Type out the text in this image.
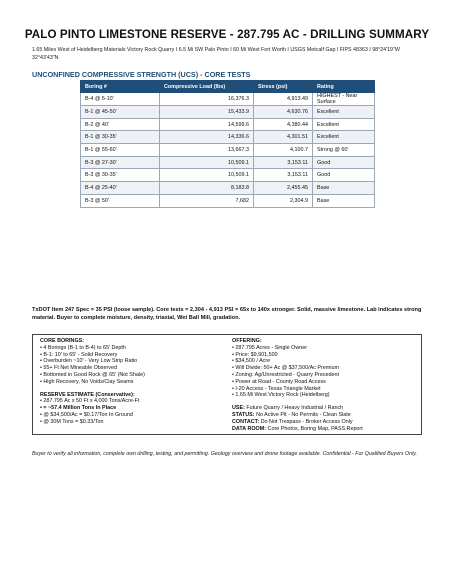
PALO PINTO LIMESTONE RESERVE - 287.795 AC - DRILLING SUMMARY
1.65 Miles West of Heidelberg Materials Victory Rock Quarry I 6.5 Mi SW Palo Pinto I 60 Mi West Fort Worth I USGS Metcalf Gap I FIPS 48363 I 98°24'19"W 32°43'43"N
UNCONFINED COMPRESSIVE STRENGTH (UCS) - CORE TESTS
Boring #	Compressive Load (lbs)	Stress (psi)	Rating
B-4 @ 5-10'	16,376.3	4,913.49	HIGHEST - Near Surface
B-1 @ 45-50'	15,433.9	4,630.76	Excellent
B-2 @ 40'	14,599.6	4,380.44	Excellent
B-1 @ 30-35'	14,336.6	4,301.51	Excellent
B-1 @ 55-60'	13,667.3	4,100.7	Strong @ 60'
B-3 @ 27-30'	10,509.1	3,153.11	Good
B-3 @ 30-35'	10,509.1	3,153.11	Good
B-4 @ 25-40'	8,183.8	2,455.45	Base
B-3 @ 50'	7,682	2,304.9	Base
TxDOT Item 247 Spec = 35 PSI (loose sample). Core tests = 2,304 - 4,913 PSI = 65x to 140x stronger. Solid, massive limestone. Lab indicates strong material. Buyer to complete moisture, density, triaxial, Wet Ball Mill, gradation.
CORE BORINGS:
• 4 Borings (B-1 to B-4) to 65' Depth
• B-1: 10' to 65' - Solid Recovery
• Overburden ~10' - Very Low Strip Ratio
• 55+ Ft Net Mineable Observed
• Bottomed in Good Rock @ 65' (Not Shale)
• High Recovery, No Voids/Clay Seams
RESERVE ESTIMATE (Conservative):
• 287.795 Ac x 50 Ft x 4,000 Tons/Acre-Ft
• = ~57.4 Million Tons In Place
• @ $34,500/Ac = $0.17/Ton In Ground
• @ 30M Tons = $0.33/Ton
OFFERING:
• 287.795 Acres - Single Owner
• Price: $9,901,500
• $34,500 / Acre
• Will Divide: 50+ Ac @ $37,500/Ac Premium
• Zoning: Ag/Unrestricted - Quarry Precedent
• Power at Road - County Road Access
• I-20 Access - Texas Triangle Market
• 1.65 Mi West Victory Rock (Heidelberg)
USE: Future Quarry / Heavy Industrial / Ranch
STATUS: No Active Pit - No Permits - Clean Slate
CONTACT: Do Not Trespass - Broker Access Only
DATA ROOM: Core Photos, Boring Map, PASS Report
Buyer to verify all information, complete own drilling, testing, and permitting. Geology overview and drone footage available. Confidential - For Qualified Buyers Only.
